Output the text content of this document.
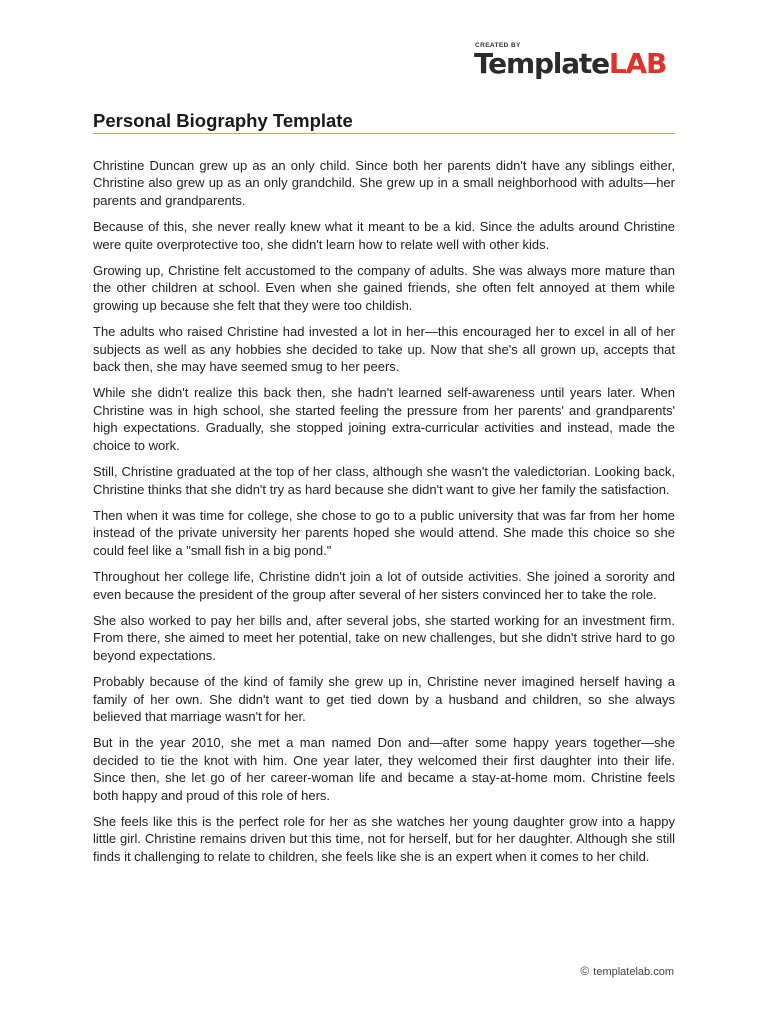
CREATED BY
TemplateLAB
Personal Biography Template

Christine Duncan grew up as an only child. Since both her parents didn't have any siblings either, Christine also grew up as an only grandchild. She grew up in a small neighborhood with adults—her parents and grandparents.

Because of this, she never really knew what it meant to be a kid. Since the adults around Christine were quite overprotective too, she didn't learn how to relate well with other kids.

Growing up, Christine felt accustomed to the company of adults. She was always more mature than the other children at school. Even when she gained friends, she often felt annoyed at them while growing up because she felt that they were too childish.

The adults who raised Christine had invested a lot in her—this encouraged her to excel in all of her subjects as well as any hobbies she decided to take up. Now that she's all grown up, accepts that back then, she may have seemed smug to her peers.

While she didn't realize this back then, she hadn't learned self-awareness until years later. When Christine was in high school, she started feeling the pressure from her parents' and grandparents' high expectations. Gradually, she stopped joining extra-curricular activities and instead, made the choice to work.

Still, Christine graduated at the top of her class, although she wasn't the valedictorian. Looking back, Christine thinks that she didn't try as hard because she didn't want to give her family the satisfaction.

Then when it was time for college, she chose to go to a public university that was far from her home instead of the private university her parents hoped she would attend. She made this choice so she could feel like a "small fish in a big pond."

Throughout her college life, Christine didn't join a lot of outside activities. She joined a sorority and even because the president of the group after several of her sisters convinced her to take the role.

She also worked to pay her bills and, after several jobs, she started working for an investment firm. From there, she aimed to meet her potential, take on new challenges, but she didn't strive hard to go beyond expectations.

Probably because of the kind of family she grew up in, Christine never imagined herself having a family of her own. She didn't want to get tied down by a husband and children, so she always believed that marriage wasn't for her.

But in the year 2010, she met a man named Don and—after some happy years together—she decided to tie the knot with him. One year later, they welcomed their first daughter into their life. Since then, she let go of her career-woman life and became a stay-at-home mom. Christine feels both happy and proud of this role of hers.

She feels like this is the perfect role for her as she watches her young daughter grow into a happy little girl. Christine remains driven but this time, not for herself, but for her daughter. Although she still finds it challenging to relate to children, she feels like she is an expert when it comes to her child.

© templatelab.com
